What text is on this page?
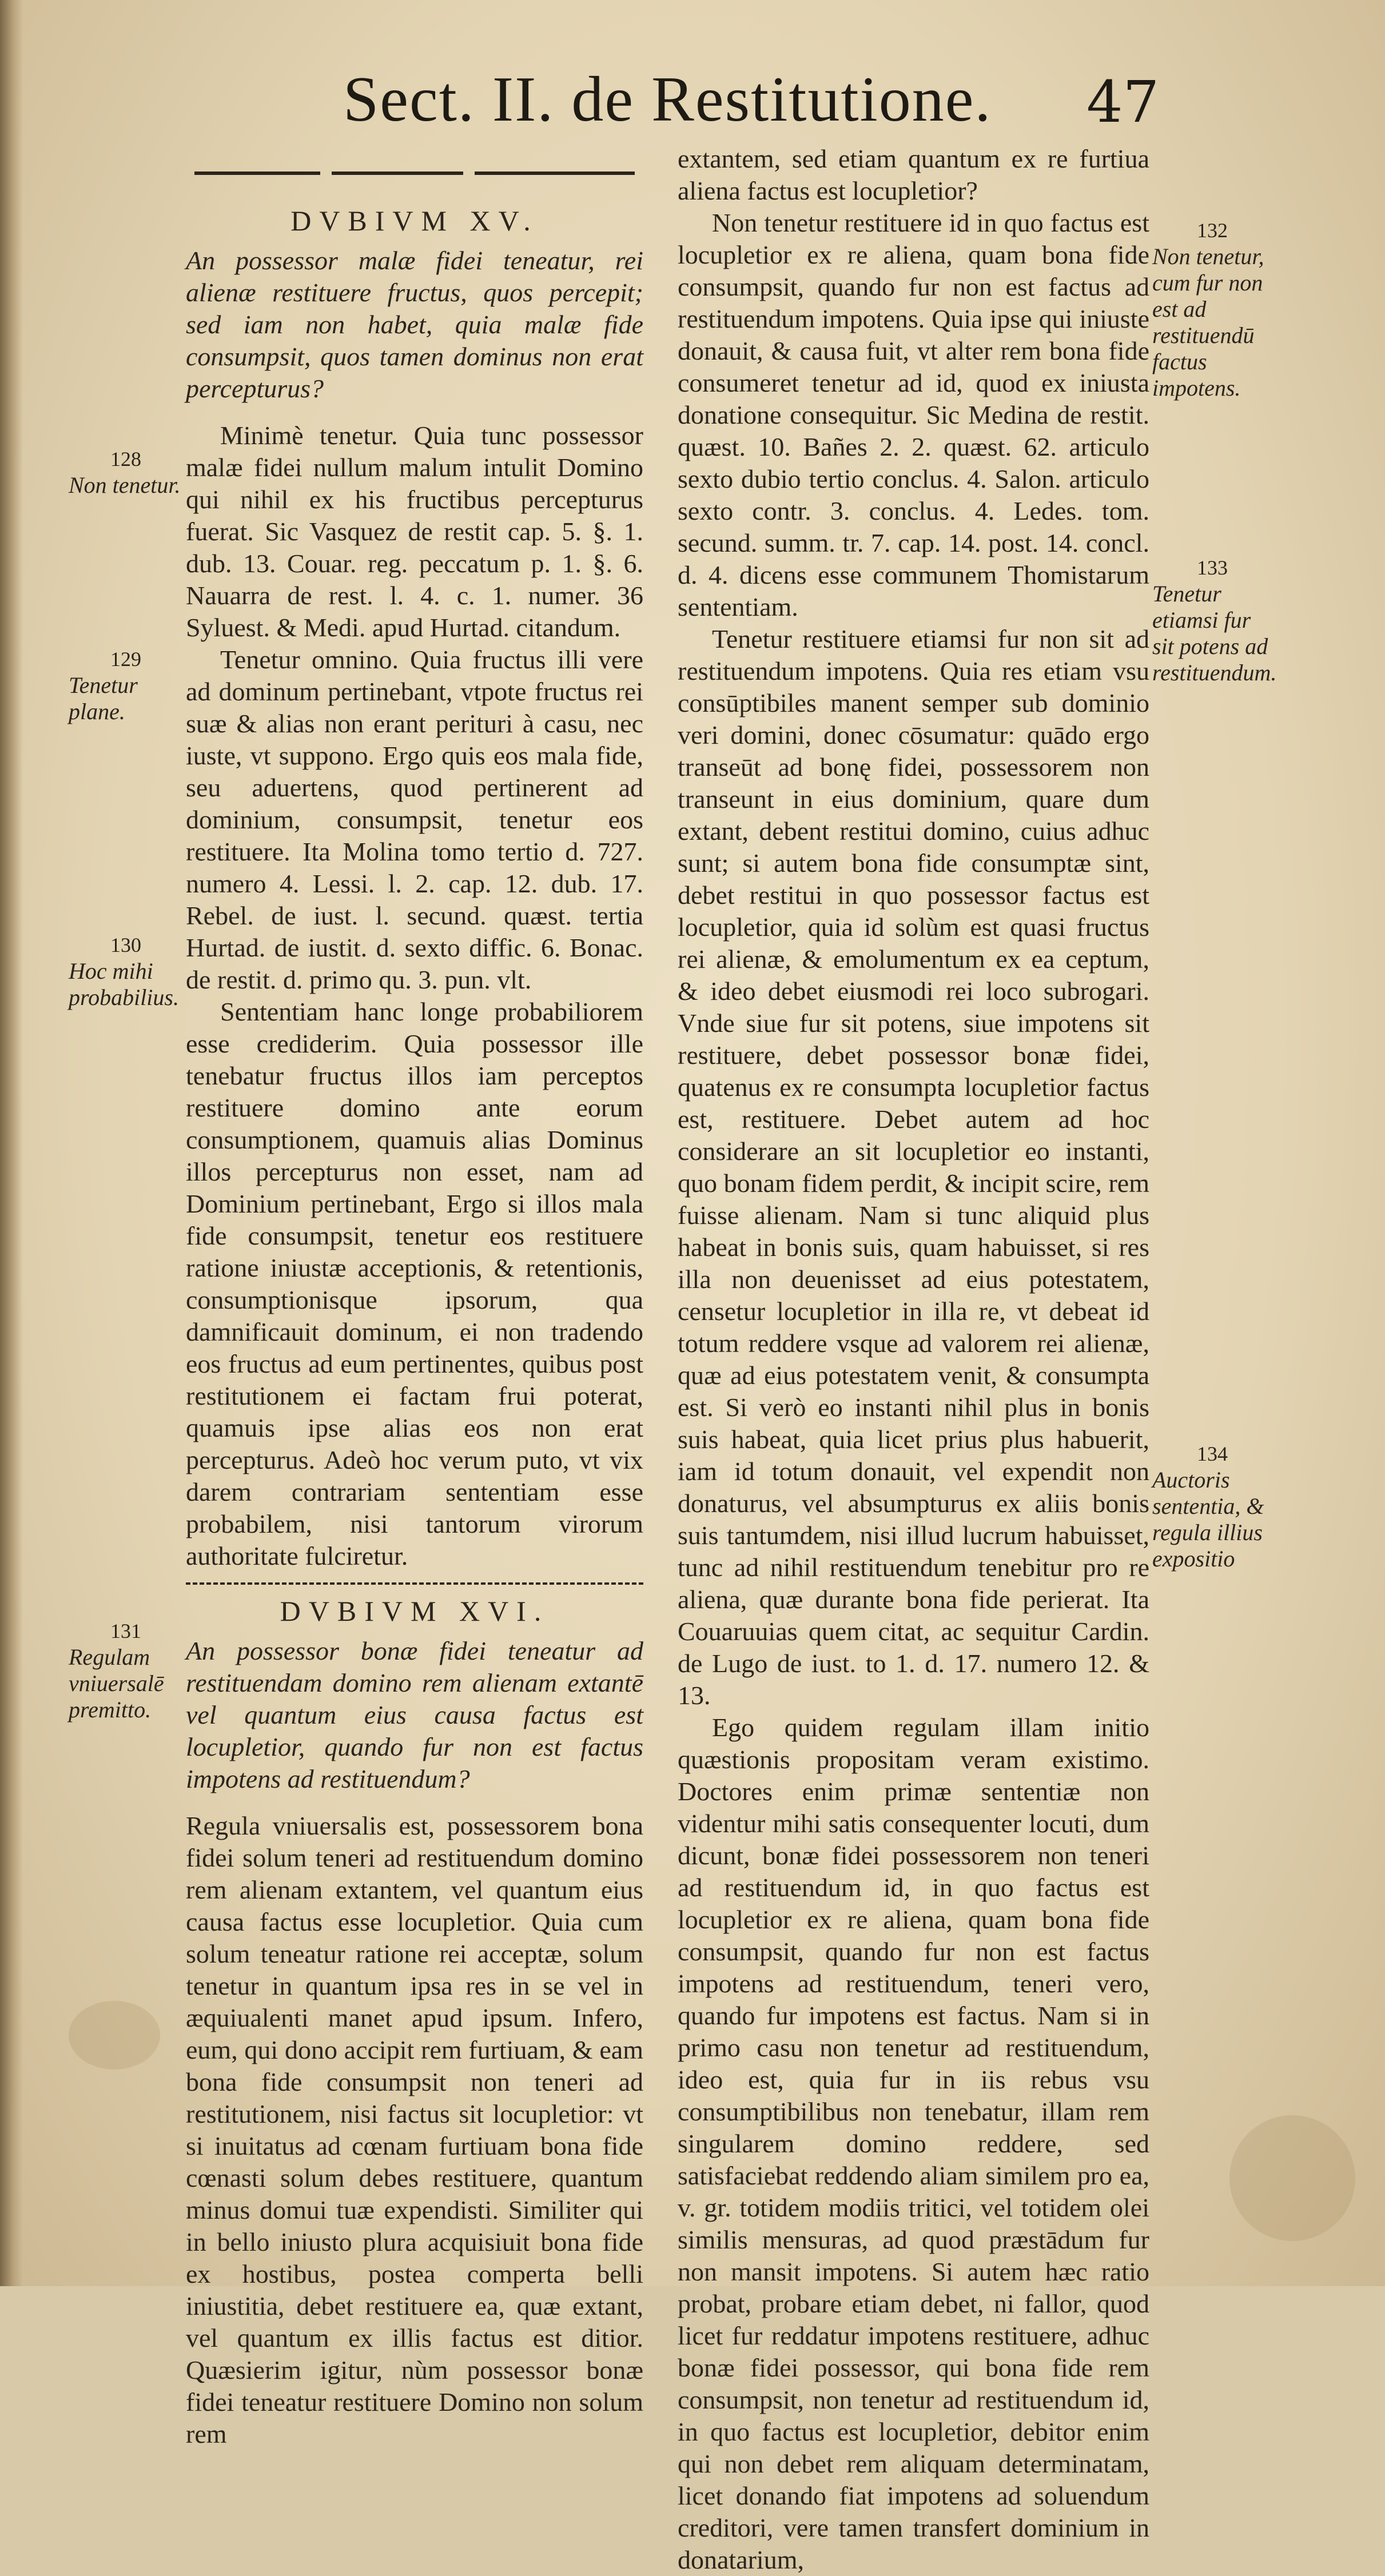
Sect. II. de Restitutione. 47
DVBIVM XV.
An possessor malæ fidei teneatur, rei alienæ restituere fructus, quos percepit; sed iam non habet, quia malæ fide consumpsit, quos tamen dominus non erat percepturus?

Minimè tenetur. Quia tunc possessor malæ fidei nullum malum intulit Domino qui nihil ex his fructibus percepturus fuerat. Sic Vasquez de restit cap. 5. §. 1. dub. 13. Couar. reg. peccatum p. 1. §. 6. Nauarra de rest. l. 4. c. 1. numer. 36 Syluest. & Medi. apud Hurtad. citandum.

Tenetur omnino. Quia fructus illi vere ad dominum pertinebant, vtpote fructus rei suæ & alias non erant perituri à casu, nec iuste, vt suppono. Ergo quis eos mala fide, seu aduertens, quod pertinerent ad dominium, consumpsit, tenetur eos restituere. Ita Molina tomo tertio d. 727. numero 4. Lessi. l. 2. cap. 12. dub. 17. Rebel. de iust. l. secund. quæst. tertia Hurtad. de iustit. d. sexto diffic. 6. Bonac. de restit. d. primo qu. 3. pun. vlt.

Sententiam hanc longe probabiliorem esse crediderim. Quia possessor ille tenebatur fructus illos iam perceptos restituere domino ante eorum consumptionem, quamuis alias Dominus illos percepturus non esset, nam ad Dominium pertinebant, Ergo si illos mala fide consumpsit, tenetur eos restituere ratione iniustæ acceptionis, & retentionis, consumptionisque ipsorum, qua damnificauit dominum, ei non tradendo eos fructus ad eum pertinentes, quibus post restitutionem ei factam frui poterat, quamuis ipse alias eos non erat percepturus. Adeò hoc verum puto, vt vix darem contrariam sententiam esse probabilem, nisi tantorum virorum authoritate fulciretur.

DVBIVM XVI.
An possessor bonæ fidei teneatur ad restituendam domino rem alienam extantē vel quantum eius causa factus est locupletior, quando fur non est factus impotens ad restituendum?

Regula vniuersalis est, possessorem bona fidei solum teneri ad restituendum domino rem alienam extantem, vel quantum eius causa factus esse locupletior. Quia cum solum teneatur ratione rei acceptæ, solum tenetur in quantum ipsa res in se vel in æquiualenti manet apud ipsum. Infero, eum, qui dono accipit rem furtiuam, & eam bona fide consumpsit non teneri ad restitutionem, nisi factus sit locupletior: vt si inuitatus ad cœnam furtiuam bona fide cœnasti solum debes restituere, quantum minus domui tuæ expendisti. Similiter qui in bello iniusto plura acquisiuit bona fide ex hostibus, postea comperta belli iniustitia, debet restituere ea, quæ extant, vel quantum ex illis factus est ditior. Quæsierim igitur, nùm possessor bonæ fidei teneatur restituere Domino non solum rem

extantem, sed etiam quantum ex re furtiua aliena factus est locupletior?

Non tenetur restituere id in quo factus est locupletior ex re aliena, quam bona fide consumpsit, quando fur non est factus ad restituendum impotens. Quia ipse qui iniuste donauit, & causa fuit, vt alter rem bona fide consumeret tenetur ad id, quod ex iniusta donatione consequitur. Sic Medina de restit. quæst. 10. Bañes 2. 2. quæst. 62. articulo sexto dubio tertio conclus. 4. Salon. articulo sexto contr. 3. conclus. 4. Ledes. tom. secund. summ. tr. 7. cap. 14. post. 14. concl. d. 4. dicens esse communem Thomistarum sententiam.

Tenetur restituere etiamsi fur non sit ad restituendum impotens. Quia res etiam vsu consūptibiles manent semper sub dominio veri domini, donec cōsumatur: quādo ergo transeūt ad bonę fidei, possessorem non transeunt in eius dominium, quare dum extant, debent restitui domino, cuius adhuc sunt; si autem bona fide consumptæ sint, debet restitui in quo possessor factus est locupletior, quia id solùm est quasi fructus rei alienæ, & emolumentum ex ea ceptum, & ideo debet eiusmodi rei loco subrogari. Vnde siue fur sit potens, siue impotens sit restituere, debet possessor bonæ fidei, quatenus ex re consumpta locupletior factus est, restituere. Debet autem ad hoc considerare an sit locupletior eo instanti, quo bonam fidem perdit, & incipit scire, rem fuisse alienam. Nam si tunc aliquid plus habeat in bonis suis, quam habuisset, si res illa non deuenisset ad eius potestatem, censetur locupletior in illa re, vt debeat id totum reddere vsque ad valorem rei alienæ, quæ ad eius potestatem venit, & consumpta est. Si verò eo instanti nihil plus in bonis suis habeat, quia licet prius plus habuerit, iam id totum donauit, vel expendit non donaturus, vel absumpturus ex aliis bonis suis tantumdem, nisi illud lucrum habuisset, tunc ad nihil restituendum tenebitur pro re aliena, quæ durante bona fide perierat. Ita Couaruuias quem citat, ac sequitur Cardin. de Lugo de iust. to 1. d. 17. numero 12. & 13.

Ego quidem regulam illam initio quæstionis propositam veram existimo. Doctores enim primæ sententiæ non videntur mihi satis consequenter locuti, dum dicunt, bonæ fidei possessorem non teneri ad restituendum id, in quo factus est locupletior ex re aliena, quam bona fide consumpsit, quando fur non est factus impotens ad restituendum, teneri vero, quando fur impotens est factus. Nam si in primo casu non tenetur ad restituendum, ideo est, quia fur in iis rebus vsu consumptibilibus non tenebatur, illam rem singularem domino reddere, sed satisfaciebat reddendo aliam similem pro ea, v. gr. totidem modiis tritici, vel totidem olei similis mensuras, ad quod præstādum fur non mansit impotens. Si autem hæc ratio probat, probare etiam debet, ni fallor, quod licet fur reddatur impotens restituere, adhuc bonæ fidei possessor, qui bona fide rem consumpsit, non tenetur ad restituendum id, in quo factus est locupletior, debitor enim qui non debet rem aliquam determinatam, licet donando fiat impotens ad soluendum creditori, vere tamen transfert dominium in donatarium,

128
Non tenetur.
129
Tenetur plane.
130
Hoc mihi probabilius.
131
Regulam vniuersalē premitto.
132
Non tenetur, cum fur non est ad restituendū factus impotens.
133
Tenetur etiamsi fur sit potens ad restituendum.
134
Auctoris sententia, & regula illius expositio
